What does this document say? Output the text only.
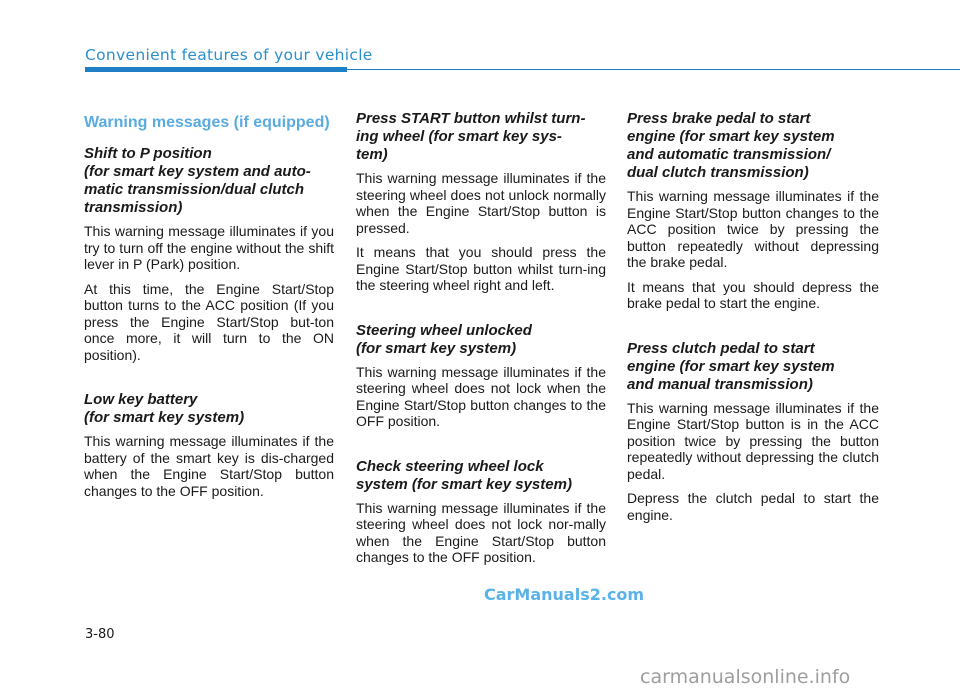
Convenient features of your vehicle
Warning messages (if equipped)
Shift to P position
(for smart key system and auto-
matic transmission/dual clutch
transmission)

This warning message illuminates if you try to turn off the engine without the shift lever in P (Park) position.

At this time, the Engine Start/Stop button turns to the ACC position (If you press the Engine Start/Stop but-ton once more, it will turn to the ON position).

Low key battery
(for smart key system)

This warning message illuminates if the battery of the smart key is dis-charged when the Engine Start/Stop button changes to the OFF position.

Press START button whilst turn-
ing wheel (for smart key sys-
tem)

This warning message illuminates if the steering wheel does not unlock normally when the Engine Start/Stop button is pressed.

It means that you should press the Engine Start/Stop button whilst turn-ing the steering wheel right and left.

Steering wheel unlocked
(for smart key system)

This warning message illuminates if the steering wheel does not lock when the Engine Start/Stop button changes to the OFF position.

Check steering wheel lock
system (for smart key system)

This warning message illuminates if the steering wheel does not lock nor-mally when the Engine Start/Stop button changes to the OFF position.

Press brake pedal to start
engine (for smart key system
and automatic transmission/
dual clutch transmission)

This warning message illuminates if the Engine Start/Stop button changes to the ACC position twice by pressing the button repeatedly without depressing the brake pedal.

It means that you should depress the brake pedal to start the engine.

Press clutch pedal to start
engine (for smart key system
and manual transmission)

This warning message illuminates if the Engine Start/Stop button is in the ACC position twice by pressing the button repeatedly without depressing the clutch pedal.

Depress the clutch pedal to start the engine.

CarManuals2.com
3-80
carmanualsonline.info
